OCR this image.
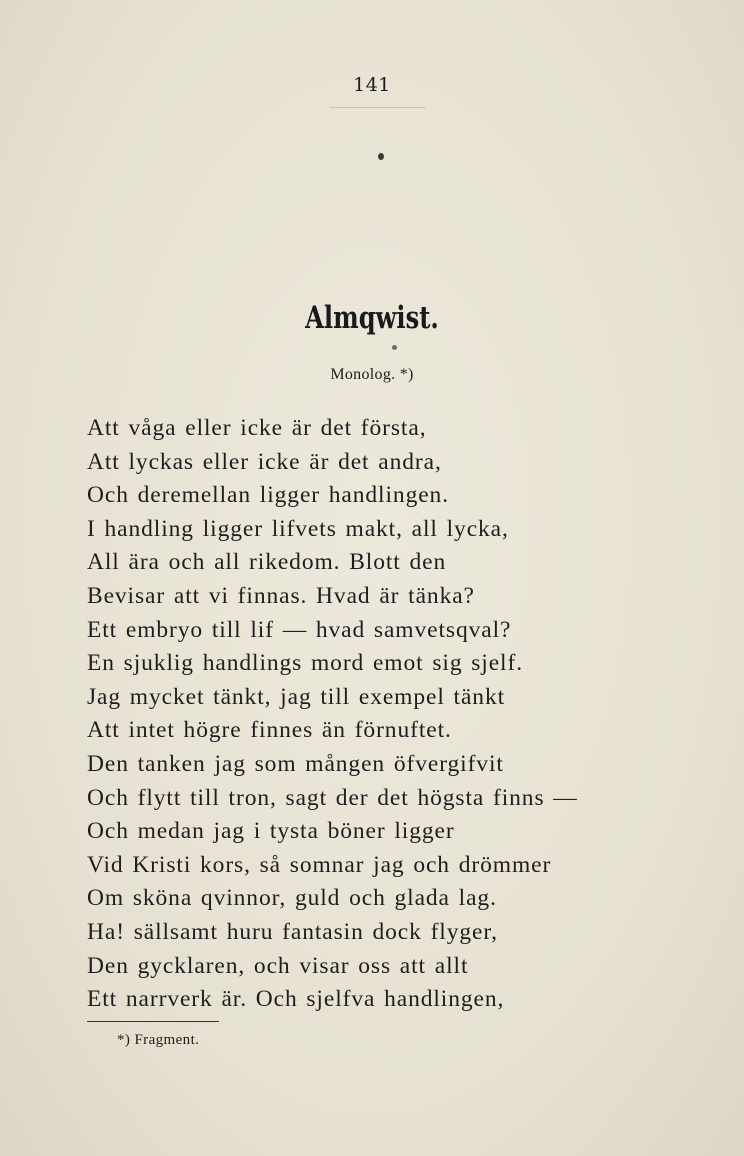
141
Almqwist.
Monolog. *)
Att våga eller icke är det första,
Att lyckas eller icke är det andra,
Och deremellan ligger handlingen.
I handling ligger lifvets makt, all lycka,
All ära och all rikedom. Blott den
Bevisar att vi finnas. Hvad är tänka?
Ett embryo till lif — hvad samvetsqval?
En sjuklig handlings mord emot sig sjelf.
Jag mycket tänkt, jag till exempel tänkt
Att intet högre finnes än förnuftet.
Den tanken jag som mången öfvergifvit
Och flytt till tron, sagt der det högsta finns —
Och medan jag i tysta böner ligger
Vid Kristi kors, så somnar jag och drömmer
Om sköna qvinnor, guld och glada lag.
Ha! sällsamt huru fantasin dock flyger,
Den gycklaren, och visar oss att allt
Ett narrverk är. Och sjelfva handlingen,
*) Fragment.
